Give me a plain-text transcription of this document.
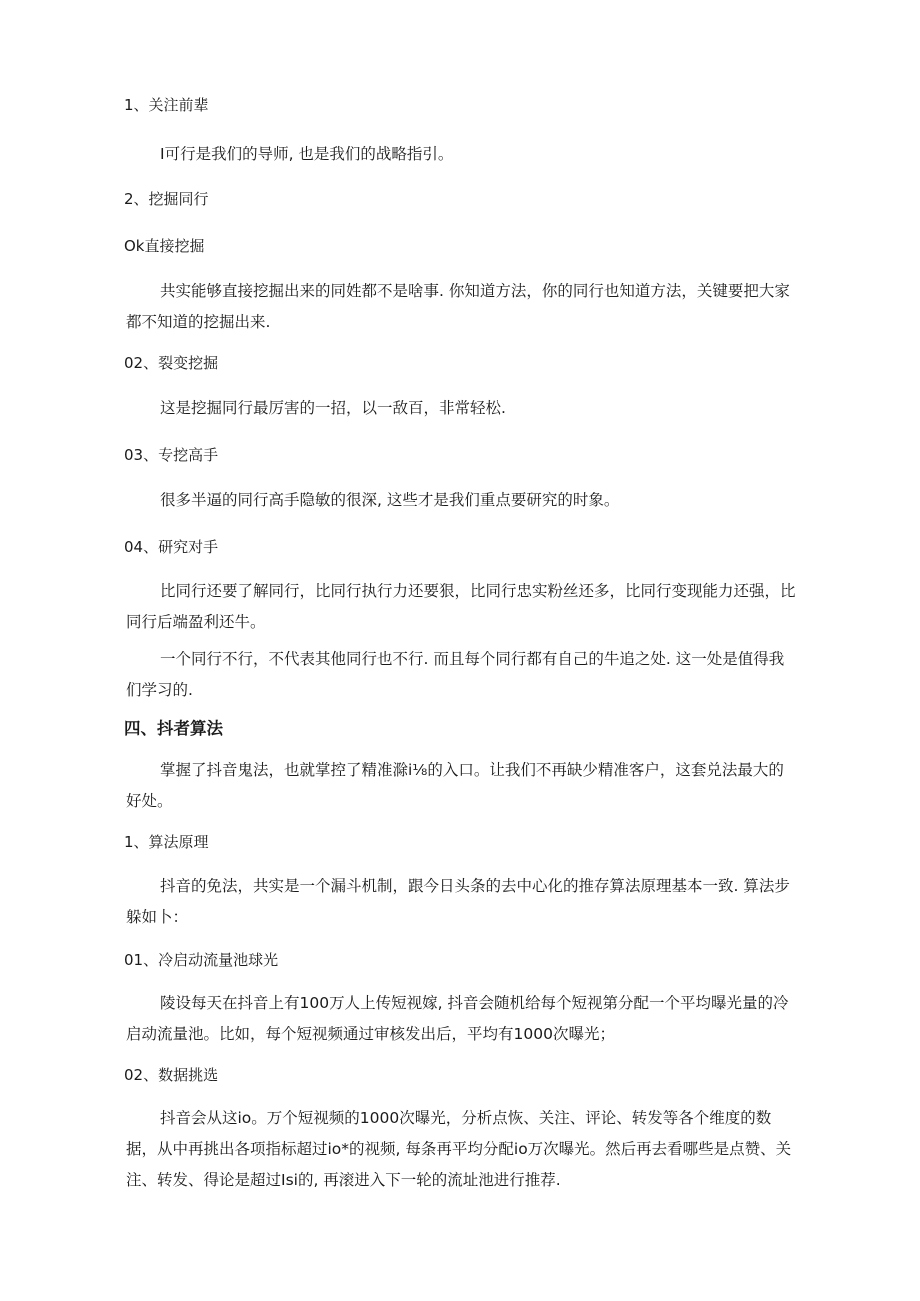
1、关注前辈

I可行是我们的导师, 也是我们的战略指引。

2、挖掘同行

Ok直接挖掘

共实能够直接挖掘出来的同姓都不是啥事. 你知道方法，你的同行也知道方法，关键要把大家都不知道的挖掘出来.

02、裂变挖掘

这是挖掘同行最厉害的一招，以一敌百，非常轻松.

03、专挖高手

很多半逼的同行高手隐敏的很深, 这些才是我们重点要研究的时象。

04、研究对手

比同行还要了解同行，比同行执行力还要狠，比同行忠实粉丝还多，比同行变现能力还强，比同行后端盈利还牛。

一个同行不行，不代表其他同行也不行. 而且每个同行都有自己的牛追之处. 这一处是值得我们学习的.

四、抖者算法

掌握了抖音鬼法，也就掌控了精准滁i⅛的入口。让我们不再缺少精准客户，这套兑法最大的好处。

1、算法原理

抖音的免法，共实是一个漏斗机制，跟今日头条的去中心化的推存算法原理基本一致. 算法步躲如卜：

01、冷启动流量池球光

陵设每天在抖音上有100万人上传短视嫁, 抖音会随机给每个短视第分配一个平均曝光量的冷启动流量池。比如，每个短视频通过审核发出后，平均有1000次曝光；

02、数据挑选

抖音会从这io。万个短视频的1000次曝光，分析点恢、关注、评论、转发等各个维度的数据，从中再挑出各项指标超过io*的视频, 每条再平均分配io万次曝光。然后再去看哪些是点赞、关注、转发、得论是超过Isi的, 再滚进入下一轮的流址池进行推荐.
